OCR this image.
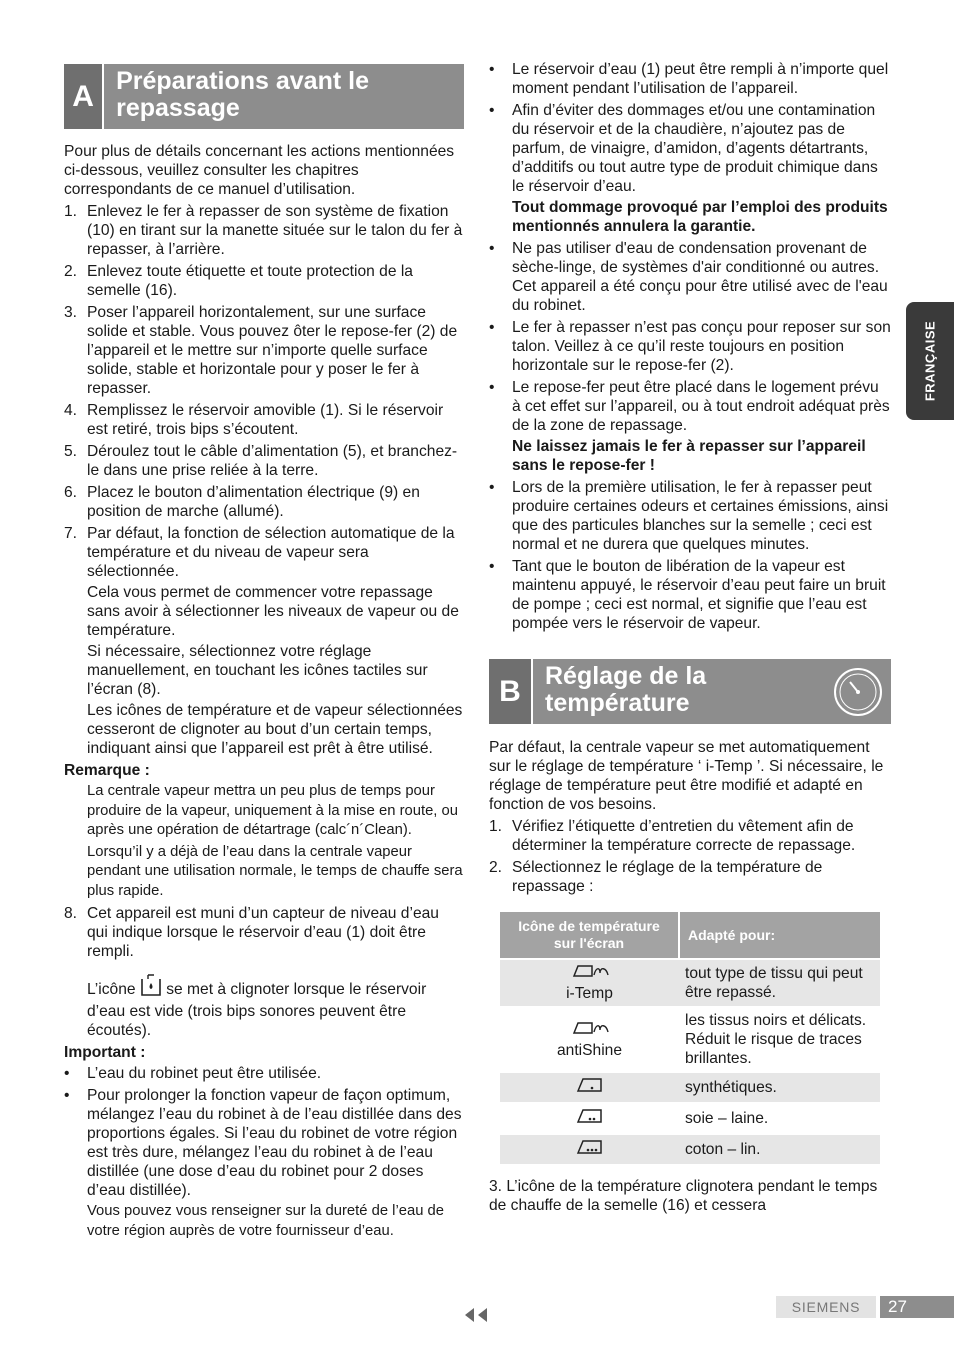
FRANÇAISE
A Préparations avant le repassage

Pour plus de détails concernant les actions mentionnées ci-dessous, veuillez consulter les chapitres correspondants de ce manuel d’utilisation.

1. Enlevez le fer à repasser de son système de fixation (10) en tirant sur la manette située sur le talon du fer à repasser, à l’arrière.
2. Enlevez toute étiquette et toute protection de la semelle (16).
3. Poser l’appareil horizontalement, sur une surface solide et stable. Vous pouvez ôter le repose-fer (2) de l’appareil et le mettre sur n’importe quelle surface solide, stable et horizontale pour y poser le fer à repasser.
4. Remplissez le réservoir amovible (1). Si le réservoir est retiré, trois bips s’écoutent.
5. Déroulez tout le câble d’alimentation (5), et branchez-le dans une prise reliée à la terre.
6. Placez le bouton d’alimentation électrique (9) en position de marche (allumé).
7. Par défaut, la fonction de sélection automatique de la température et du niveau de vapeur sera sélectionnée.

Cela vous permet de commencer votre repassage sans avoir à sélectionner les niveaux de vapeur ou de température.

Si nécessaire, sélectionnez votre réglage manuellement, en touchant les icônes tactiles sur l’écran (8).

Les icônes de température et de vapeur sélectionnées cesseront de clignoter au bout d’un certain temps, indiquant ainsi que l’appareil est prêt à être utilisé.

Remarque :

La centrale vapeur mettra un peu plus de temps pour produire de la vapeur, uniquement à la mise en route, ou après une opération de détartrage (calc´n´Clean).

Lorsqu’il y a déjà de l’eau dans la centrale vapeur pendant une utilisation normale, le temps de chauffe sera plus rapide.

8. Cet appareil est muni d’un capteur de niveau d’eau qui indique lorsque le réservoir d’eau (1) doit être rempli.

L’icône se met à clignoter lorsque le réservoir d’eau est vide (trois bips sonores peuvent être écoutés).

Important :

•	L’eau du robinet peut être utilisée.
•	Pour prolonger la fonction vapeur de façon optimum, mélangez l’eau du robinet à de l’eau distillée dans des proportions égales. Si l’eau du robinet de votre région est très dure, mélangez l’eau du robinet à de l’eau distillée (une dose d’eau du robinet pour 2 doses d’eau distillée).

Vous pouvez vous renseigner sur la dureté de l’eau de votre région auprès de votre fournisseur d’eau.

•	Le réservoir d’eau (1) peut être rempli à n’importe quel moment pendant l’utilisation de l’appareil.
•	Afin d’éviter des dommages et/ou une contamination du réservoir et de la chaudière, n’ajoutez pas de parfum, de vinaigre, d’amidon, d’agents détartrants, d’additifs ou tout autre type de produit chimique dans le réservoir d’eau.

Tout dommage provoqué par l’emploi des produits mentionnés annulera la garantie.

•	Ne pas utiliser d'eau de condensation provenant de sèche-linge, de systèmes d'air conditionné ou autres. Cet appareil a été conçu pour être utilisé avec de l'eau du robinet.
•	Le fer à repasser n’est pas conçu pour reposer sur son talon. Veillez à ce qu’il reste toujours en position horizontale sur le repose-fer (2).
•	Le repose-fer peut être placé dans le logement prévu à cet effet sur l’appareil, ou à tout endroit adéquat près de la zone de repassage.

Ne laissez jamais le fer à repasser sur l’appareil sans le repose-fer !

•	Lors de la première utilisation, le fer à repasser peut produire certaines odeurs et certaines émissions, ainsi que des particules blanches sur la semelle ; ceci est normal et ne durera que quelques minutes.
•	Tant que le bouton de libération de la vapeur est maintenu appuyé, le réservoir d’eau peut faire un bruit de pompe ; ceci est normal, et signifie que l’eau est pompée vers le réservoir de vapeur.
B Réglage de la température

Par défaut, la centrale vapeur se met automatiquement sur le réglage de température ‘ i-Temp ’. Si nécessaire, le réglage de température peut être modifié et adapté en fonction de vos besoins.

1. Vérifiez l’étiquette d’entretien du vêtement afin de déterminer la température correcte de repassage.
2. Sélectionnez le réglage de la température de repassage :
Icône de température sur l'écran	Adapté pour:

i-Temp	tout type de tissu qui peut être repassé.

antiShine	les tissus noirs et délicats. Réduit le risque de traces brillantes.
	synthétiques.
	soie – laine.
	coton – lin.

3. L’icône de la température clignotera pendant le temps de chauffe de la semelle (16) et cessera

SIEMENS	27
